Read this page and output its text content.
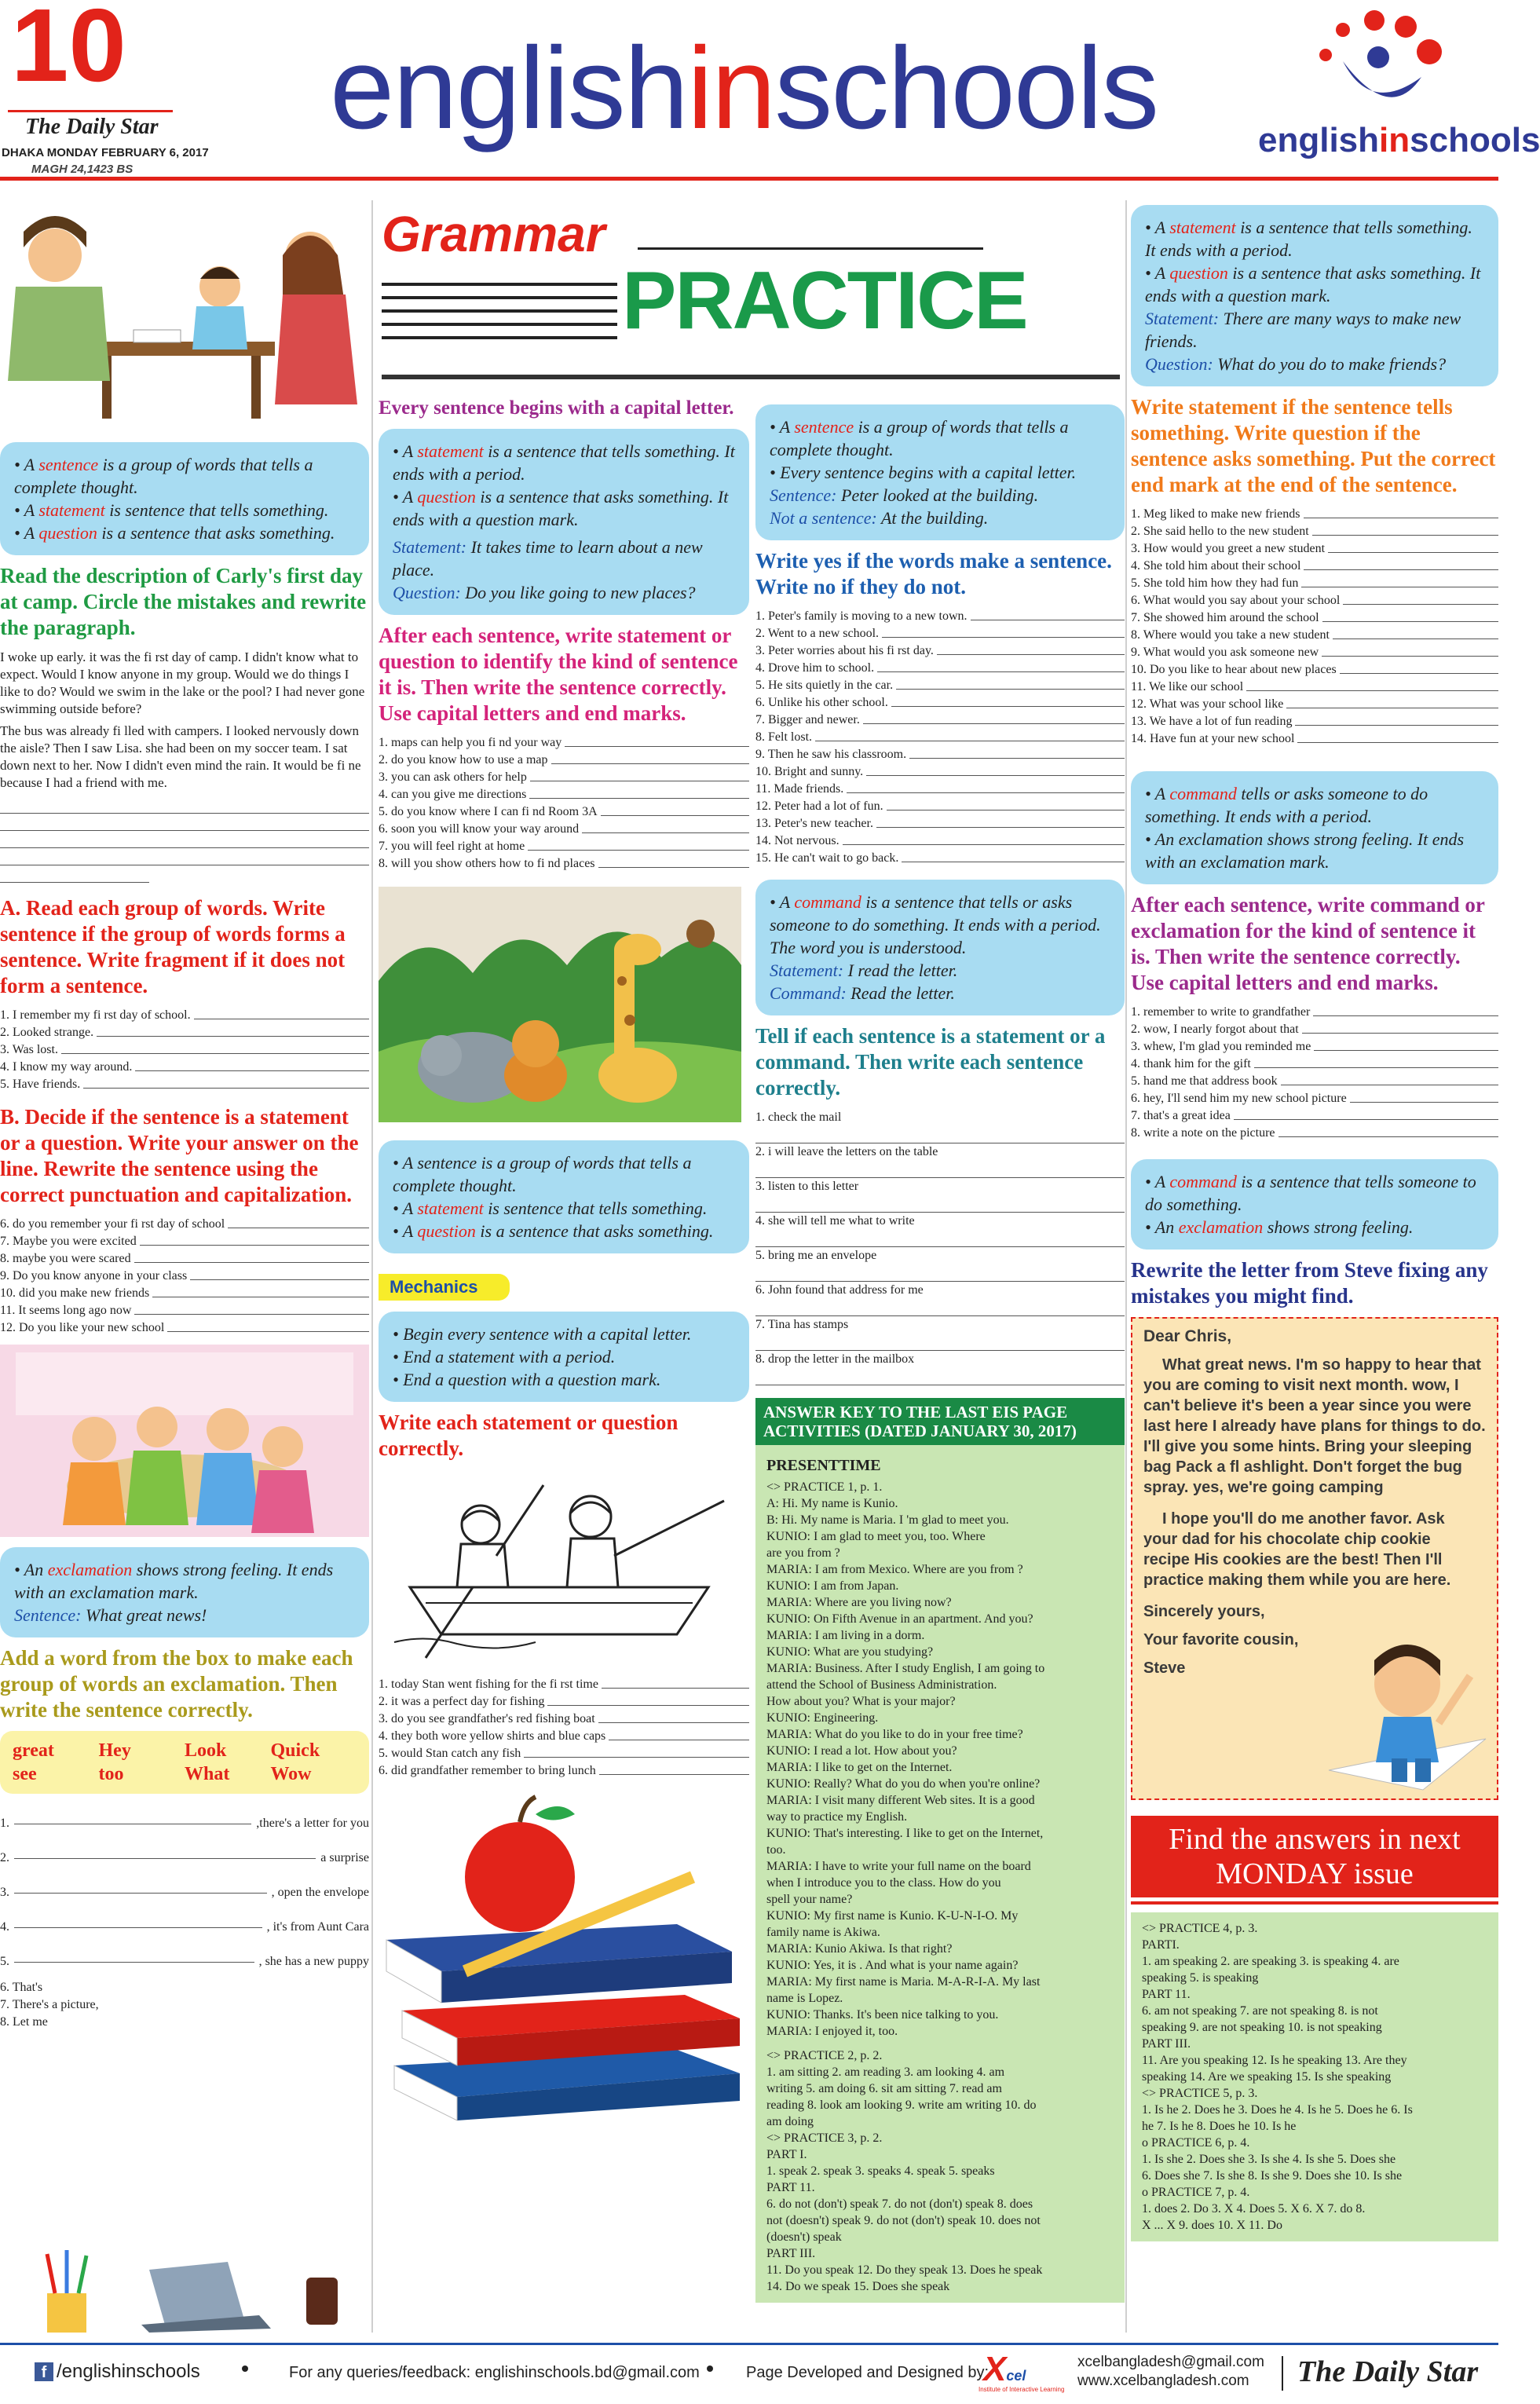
10
The Daily Star
DHAKA MONDAY FEBRUARY 6, 2017
MAGH 24,1423 BS
englishinschools	englishinschools
• A sentence is a group of words that tells a complete thought.
• A statement is sentence that tells something.
• A question is a sentence that asks something.
Read the description of Carly's first day at camp. Circle the mistakes and rewrite the paragraph.
I woke up early. it was the fi rst day of camp. I didn't know what to expect. Would I know anyone in my group. Would we do things I like to do? Would we swim in the lake or the pool? I had never gone swimming outside before?
The bus was already fi lled with campers. I looked nervously down the aisle? Then I saw Lisa. she had been on my soccer team. I sat down next to her. Now I didn't even mind the rain. It would be fi ne because I had a friend with me.
A. Read each group of words. Write sentence if the group of words forms a sentence. Write fragment if it does not form a sentence.
1. I remember my fi rst day of school.
2. Looked strange.
3. Was lost.
4. I know my way around.
5. Have friends.
B. Decide if the sentence is a statement or a question. Write your answer on the line. Rewrite the sentence using the correct punctuation and capitalization.
6. do you remember your fi rst day of school
7. Maybe you were excited
8. maybe you were scared
9. Do you know anyone in your class
10. did you make new friends
11. It seems long ago now
12. Do you like your new school
• An exclamation shows strong feeling. It ends with an exclamation mark.
Sentence: What great news!
Add a word from the box to make each group of words an exclamation. Then write the sentence correctly.
great	Hey	Look	Quick
see	too	What	Wow
1.	,there's a letter for you
2.	a surprise
3.	, open the envelope
4.	, it's from Aunt Cara
5.	, she has a new puppy
6. That's
7. There's a picture,
8. Let me
Grammar
PRACTICE
Every sentence begins with a capital letter.
• A statement is a sentence that tells something. It ends with a period.
• A question is a sentence that asks something. It ends with a question mark.
Statement: It takes time to learn about a new place.
Question: Do you like going to new places?
After each sentence, write statement or question to identify the kind of sentence it is. Then write the sentence correctly. Use capital letters and end marks.
1. maps can help you fi nd your way
2. do you know how to use a map
3. you can ask others for help
4. can you give me directions
5. do you know where I can fi nd Room 3A
6. soon you will know your way around
7. you will feel right at home
8. will you show others how to fi nd places
• A sentence is a group of words that tells a complete thought.
• A statement is sentence that tells something.
• A question is a sentence that asks something.
Mechanics
• Begin every sentence with a capital letter.
• End a statement with a period.
• End a question with a question mark.
Write each statement or question correctly.
1. today Stan went fishing for the fi rst time
2. it was a perfect day for fishing
3. do you see grandfather's red fishing boat
4. they both wore yellow shirts and blue caps
5. would Stan catch any fish
6. did grandfather remember to bring lunch
• A sentence is a group of words that tells a complete thought.
• Every sentence begins with a capital letter.
Sentence: Peter looked at the building.
Not a sentence: At the building.
Write yes if the words make a sentence. Write no if they do not.
1. Peter's family is moving to a new town.
2. Went to a new school.
3. Peter worries about his fi rst day.
4. Drove him to school.
5. He sits quietly in the car.
6. Unlike his other school.
7. Bigger and newer.
8. Felt lost.
9. Then he saw his classroom.
10. Bright and sunny.
11. Made friends.
12. Peter had a lot of fun.
13. Peter's new teacher.
14. Not nervous.
15. He can't wait to go back.
• A command is a sentence that tells or asks someone to do something. It ends with a period. The word you is understood.
Statement: I read the letter.
Command: Read the letter.
Tell if each sentence is a statement or a command. Then write each sentence correctly.
1. check the mail
2. i will leave the letters on the table
3. listen to this letter
4. she will tell me what to write
5. bring me an envelope
6. John found that address for me
7. Tina has stamps
8. drop the letter in the mailbox
ANSWER KEY TO THE LAST EIS PAGE ACTIVITIES (DATED JANUARY 30, 2017)
PRESENTTIME
<> PRACTICE 1, p. 1.
A: Hi. My name is Kunio.
B: Hi. My name is Maria. I 'm glad to meet you.
KUNIO: I am glad to meet you, too. Where
are you from ?
MARIA: I am from Mexico. Where are you from ?
KUNIO: I am from Japan.
MARIA: Where are you living now?
KUNIO: On Fifth Avenue in an apartment. And you?
MARIA: I am living in a dorm.
KUNIO: What are you studying?
MARIA: Business. After I study English, I am going to
attend the School of Business Administration.
How about you? What is your major?
KUNIO: Engineering.
MARIA: What do you like to do in your free time?
KUNIO: I read a lot. How about you?
MARIA: I like to get on the Internet.
KUNIO: Really? What do you do when you're online?
MARIA: I visit many different Web sites. It is a good
way to practice my English.
KUNIO: That's interesting. I like to get on the Internet,
too.
MARIA: I have to write your full name on the board
when I introduce you to the class. How do you
spell your name?
KUNIO: My first name is Kunio. K-U-N-I-O. My
family name is Akiwa.
MARIA: Kunio Akiwa. Is that right?
KUNIO: Yes, it is . And what is your name again?
MARIA: My first name is Maria. M-A-R-I-A. My last
name is Lopez.
KUNIO: Thanks. It's been nice talking to you.
MARIA: I enjoyed it, too.
<> PRACTICE 2, p. 2.
1. am sitting 2. am reading 3. am looking 4. am
writing 5. am doing 6. sit am sitting 7. read am
reading 8. look am looking 9. write am writing 10. do
am doing
<> PRACTICE 3, p. 2.
PART I.
1. speak 2. speak 3. speaks 4. speak 5. speaks
PART 11.
6. do not (don't) speak 7. do not (don't) speak 8. does
not (doesn't) speak 9. do not (don't) speak 10. does not
(doesn't) speak
PART III.
11. Do you speak 12. Do they speak 13. Does he speak
14. Do we speak 15. Does she speak
• A statement is a sentence that tells something. It ends with a period.
• A question is a sentence that asks something. It ends with a question mark.
Statement: There are many ways to make new friends.
Question: What do you do to make friends?
Write statement if the sentence tells something. Write question if the sentence asks something. Put the correct end mark at the end of the sentence.
1. Meg liked to make new friends
2. She said hello to the new student
3. How would you greet a new student
4. She told him about their school
5. She told him how they had fun
6. What would you say about your school
7. She showed him around the school
8. Where would you take a new student
9. What would you ask someone new
10. Do you like to hear about new places
11. We like our school
12. What was your school like
13. We have a lot of fun reading
14. Have fun at your new school
• A command tells or asks someone to do something. It ends with a period.
• An exclamation shows strong feeling. It ends with an exclamation mark.
After each sentence, write command or exclamation for the kind of sentence it is. Then write the sentence correctly. Use capital letters and end marks.
1. remember to write to grandfather
2. wow, I nearly forgot about that
3. whew, I'm glad you reminded me
4. thank him for the gift
5. hand me that address book
6. hey, I'll send him my new school picture
7. that's a great idea
8. write a note on the picture
• A command is a sentence that tells someone to do something.
• An exclamation shows strong feeling.
Rewrite the letter from Steve fixing any mistakes you might find.
Dear Chris,
What great news. I'm so happy to hear that you are coming to visit next month. wow, I can't believe it's been a year since you were last here I already have plans for things to do. I'll give you some hints. Bring your sleeping bag Pack a fl ashlight. Don't forget the bug spray. yes, we're going camping
I hope you'll do me another favor. Ask your dad for his chocolate chip cookie recipe His cookies are the best! Then I'll practice making them while you are here.
Sincerely yours,
Your favorite cousin,
Steve
Find the answers in next MONDAY issue
<> PRACTICE 4, p. 3.
PARTI.
1. am speaking 2. are speaking 3. is speaking 4. are
speaking 5. is speaking
PART 11.
6. am not speaking 7. are not speaking 8. is not
speaking 9. are not speaking 10. is not speaking
PART III.
11. Are you speaking 12. Is he speaking 13. Are they
speaking 14. Are we speaking 15. Is she speaking
<> PRACTICE 5, p. 3.
1. Is he 2. Does he 3. Does he 4. Is he 5. Does he 6. Is
he 7. Is he 8. Does he 10. Is he
o PRACTICE 6, p. 4.
1. Is she 2. Does she 3. Is she 4. Is she 5. Does she
6. Does she 7. Is she 8. Is she 9. Does she 10. Is she
o PRACTICE 7, p. 4.
1. does 2. Do 3. X 4. Does 5. X 6. X 7. do 8.
X ... X 9. does 10. X 11. Do
f /englishinschools	For any queries/feedback: englishinschools.bd@gmail.com	Page Developed and Designed by:
Xcel
Institute of Interactive Learning
xcelbangladesh@gmail.com
www.xcelbangladesh.com	The Daily Star
